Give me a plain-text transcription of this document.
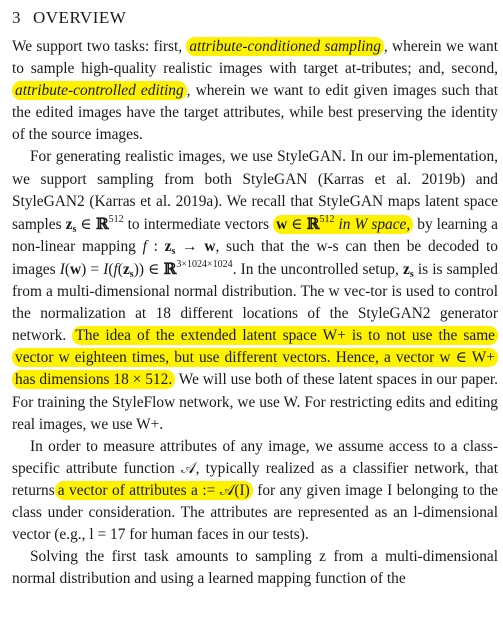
3 OVERVIEW

We support two tasks: first, attribute-conditioned sampling , wherein we want to sample high-quality realistic images with target at-tributes; and, second, attribute-controlled editing , wherein we want to edit given images such that the edited images have the target attributes, while best preserving the identity of the source images.

For generating realistic images, we use StyleGAN. In our im-plementation, we support sampling from both StyleGAN (Karras et al. 2019b) and StyleGAN2 (Karras et al. 2019a). We recall that StyleGAN maps latent space samples $z_s$ ∈ ℝ$^{512}$ to intermediate vectors w ∈ ℝ$^{512}$ in W space, by learning a non-linear mapping f : $z_s \to w$, such that the w-s can then be decoded to images $I(w) = I(f(z_s))$ ∈ ℝ$^{3\times 1024\times 1024}$. In the uncontrolled setup, $z_s$ is is sampled from a multi-dimensional normal distribution. The w vec-tor is used to control the normalization at 18 different locations of the StyleGAN2 generator network. The idea of the extended latent space W+ is to not use the same vector w eighteen times, but use different vectors. Hence, a vector w ∈ W+ has dimensions 18 × 512. We will use both of these latent spaces in our paper. For training the StyleFlow network, we use W. For restricting edits and editing real images, we use W+.

In order to measure attributes of any image, we assume access to a class-specific attribute function 𝒜, typically realized as a classifier network, that returns a vector of attributes a := 𝒜(I) for any given image I belonging to the class under consideration. The attributes are represented as an l-dimensional vector (e.g., l = 17 for human faces in our tests).

Solving the first task amounts to sampling z from a multi-dimensional normal distribution and using a learned mapping function of the
